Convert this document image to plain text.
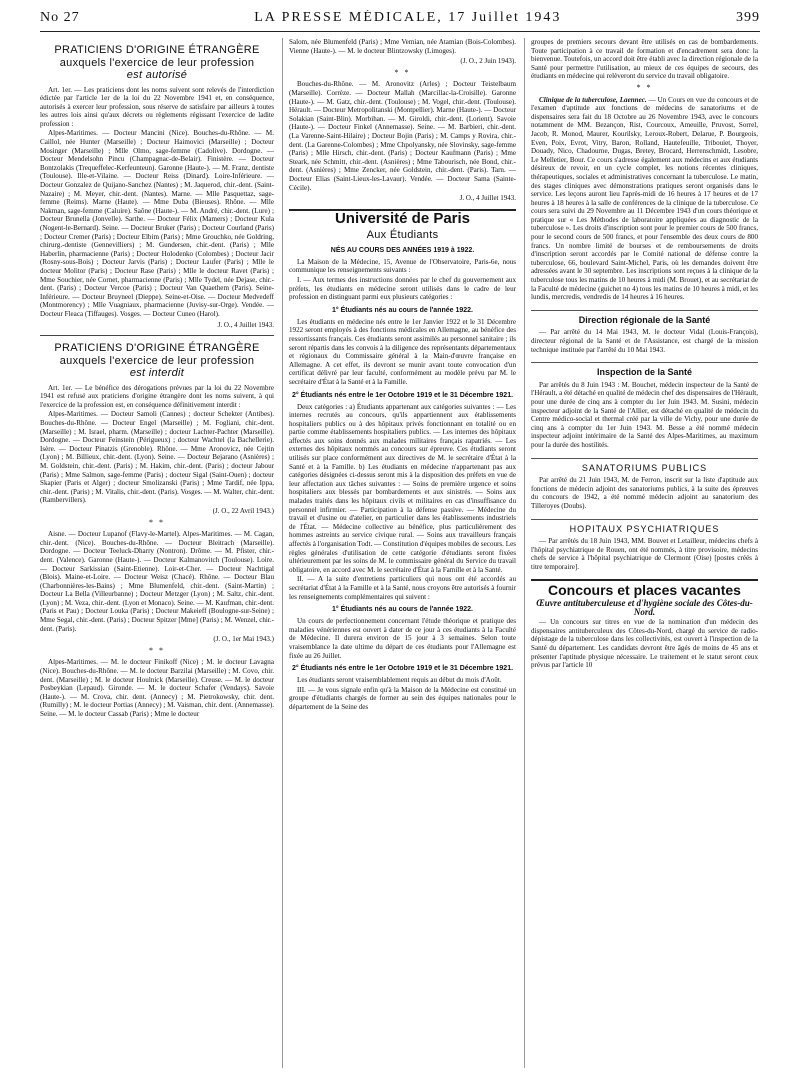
No 27	LA PRESSE MÉDICALE, 17 Juillet 1943	399
PRATICIENS D'ORIGINE ÉTRANGÈRE
auxquels l'exercice de leur profession
est autorisé

Art. 1er. — Les praticiens dont les noms suivent sont relevés de l'interdiction édictée par l'article 1er de la loi du 22 Novembre 1941 et, en conséquence, autorisés à exercer leur profession, sous réserve de satisfaire par ailleurs à toutes les autres lois ainsi qu'aux décrets ou règlements régissant l'exercice de ladite profession :

Alpes-Maritimes. — Docteur Mancini (Nice). Bouches-du-Rhône. — M. Caillol, née Hunter (Marseille) ; Docteur Haimovici (Marseille) ; Docteur Mosinger (Marseille) ; Mlle Olmo, sage-femme (Cadolive). Dordogne. — Docteur Mendelsohn Pincu (Champagnac-de-Belair). Finistère. — Docteur Bontzolakis (Trequeffelec-Kerfeunteun). Garonne (Haute-). — M. Franz, dentiste (Toulouse). Ille-et-Vilaine. — Docteur Reiss (Dinard). Loire-Inférieure. — Docteur Gonzalez de Quijano-Sanchez (Nantes) ; M. Jaquerod, chir.-dent. (Saint-Nazaire) ; M. Meyer, chir.-dent. (Nantes). Marne. — Mlle Pasquettaz, sage-femme (Reims). Marne (Haute). — Mme Duba (Bieuses). Rhône. — Mlle Nakman, sage-femme (Caluire). Saône (Haute-). — M. André, chir.-dent. (Lure) ; Docteur Brunella (Jonvelle). Sarthe. — Docteur Félix (Mamers) ; Docteur Kula (Nogent-le-Bernard). Seine. — Docteur Bruker (Paris) ; Docteur Courland (Paris) ; Docteur Cremer (Paris) ; Docteur Elbim (Paris) ; Mme Grouchko, née Goldring, chirurg.-dentiste (Gennevilliers) ; M. Gundersen, chir.-dent. (Paris) ; Mlle Haberlin, pharmacienne (Paris) ; Docteur Holodenko (Colombes) ; Docteur Jacir (Rosny-sous-Bois) ; Docteur Jarvis (Paris) ; Docteur Laufer (Paris) ; Mlle le docteur Molitor (Paris) ; Docteur Rase (Paris) ; Mlle le docteur Ravet (Paris) ; Mme Souchier, née Cornet, pharmacienne (Paris) ; Mlle Tydel, née Dejase, chir.-dent. (Paris) ; Docteur Vercoe (Paris) ; Docteur Van Quaethem (Paris). Seine-Inférieure. — Docteur Bruyneel (Dieppe). Seine-et-Oise. — Docteur Medvedeff (Montmorency) ; Mlle Vuagniaux, pharmacienne (Juvisy-sur-Orge). Vendée. — Docteur Fleaca (Tiffauges). Vosges. — Docteur Cuneo (Harol).

J. O., 4 Juillet 1943.
PRATICIENS D'ORIGINE ÉTRANGÈRE
auxquels l'exercice de leur profession
est interdit

Art. 1er. — Le bénéfice des dérogations prévues par la loi du 22 Novembre 1941 est refusé aux praticiens d'origine étrangère dont les noms suivent, à qui l'exercice de la profession est, en conséquence définitivement interdit :

Alpes-Maritimes. — Docteur Samoli (Cannes) ; docteur Schekter (Antibes). Bouches-du-Rhône. — Docteur Engel (Marseille) ; M. Fogliani, chir.-dent. (Marseille) ; M. Israel, pharm. (Marseille) ; docteur Lachter-Pachter (Marseille). Dordogne. — Docteur Feinstein (Périgueux) ; docteur Wachtel (la Bachellerie). Isère. — Docteur Pinatzis (Grenoble). Rhône. — Mme Aronovicz, née Cejtin (Lyon) ; M. Billieux, chir.-dent. (Lyon). Seine. — Docteur Bejarano (Asnières) ; M. Goldstein, chir.-dent. (Paris) ; M. Hakim, chir.-dent. (Paris) ; docteur Jabour (Paris) ; Mme Salmon, sage-femme (Paris) ; docteur Sigal (Saint-Ouen) ; docteur Skapier (Paris et Alger) ; docteur Smolizanski (Paris) ; Mme Tardif, née Ippa, chir.-dent. (Paris) ; M. Vitalis, chir.-dent. (Paris). Vosges. — M. Walter, chir.-dent. (Rambervillers).

(J. O., 22 Avril 1943.)
* *

Aisne. — Docteur Lupanof (Flavy-le-Martel). Alpes-Maritimes. — M. Cagan, chir.-dent. (Nice). Bouches-du-Rhône. — Docteur Bleitrach (Marseille). Dordogne. — Docteur Teeluck-Dharry (Nontron). Drôme. — M. Pfister, chir.-dent. (Valence). Garonne (Haute-). — Docteur Kalmanovitch (Toulouse). Loire. — Docteur Sarkissian (Saint-Etienne). Loir-et-Cher. — Docteur Nachtigal (Blois). Maine-et-Loire. — Docteur Weisz (Chacé). Rhône. — Docteur Blau (Charbonnières-les-Bains) ; Mme Blumenfeld, chir.-dent. (Saint-Martin) ; Docteur La Bella (Villeurbanne) ; Docteur Metzger (Lyon) ; M. Saltz, chir.-dent. (Lyon) ; M. Veza, chir.-dent. (Lyon et Monaco). Seine. — M. Kaufman, chir.-dent. (Paris et Pau) ; Docteur Louka (Paris) ; Docteur Makeieff (Boulogne-sur-Seine) ; Mme Segal, chir.-dent. (Paris) ; Docteur Spitzer [Mme] (Paris) ; M. Wenzel, chir.-dent. (Paris).

(J. O., 1er Mai 1943.)
* *

Alpes-Maritimes. — M. le docteur Finikoff (Nice) ; M. le docteur Lavagna (Nice). Bouches-du-Rhône. — M. le docteur Barzilai (Marseille) ; M. Covo, chir. dent. (Marseille) ; M. le docteur Houlnick (Marseille). Creuse. — M. le docteur Posbeykian (Lepaud). Gironde. — M. le docteur Schafer (Vendays). Savoie (Haute-). — M. Crova, chir. dent. (Annecy) ; M. Pietrokowsky, chir. dent. (Rumilly) ; M. le docteur Portias (Annecy) ; M. Vaisman, chir. dent. (Annemasse). Seine. — M. le docteur Cassab (Paris) ; Mme le docteur

Salom, née Blumenfeld (Paris) ; Mme Vemian, née Atamian (Bois-Colombes). Vienne (Haute-). — M. le docteur Blintzowsky (Limoges).

(J. O., 2 Juin 1943).
* *

Bouches-du-Rhône. — M. Aronovitz (Arles) ; Docteur Teistelbaum (Marseille). Corrèze. — Docteur Mallah (Marcillac-la-Croisille). Garonne (Haute-). — M. Gatz, chir.-dent. (Toulouse) ; M. Vogel, chir.-dent. (Toulouse). Hérault. — Docteur Metropolitanski (Montpellier). Marne (Haute-). — Docteur Solakian (Saint-Blin). Morbihan. — M. Giroldi, chir.-dent. (Lorient). Savoie (Haute-). — Docteur Finkel (Annemasse). Seine. — M. Barbieri, chir.-dent. (La Varenne-Saint-Hilaire) ; Docteur Bojin (Paris) ; M. Camps y Rovira, chir.-dent. (La Garenne-Colombes) ; Mme Chpolyansky, née Slovinsky, sage-femme (Paris) ; Mlle Hirsch, chir.-dent. (Paris) ; Docteur Kaufmann (Paris) ; Mme Steark, née Schmitt, chir.-dent. (Asnières) ; Mme Tabourisch, née Bond, chir.-dent. (Asnières) ; Mme Zencker, née Goldstein, chir.-dent. (Paris). Tarn. — Docteur Elias (Saint-Lieux-les-Lavaur). Vendée. — Docteur Sama (Sainte-Cécile).

J. O., 4 Juillet 1943.
Université de Paris
Aux Étudiants
NÉS AU COURS DES ANNÉES 1919 à 1922.

La Maison de la Médecine, 15, Avenue de l'Observatoire, Paris-6e, nous communique les renseignements suivants :

I. — Aux termes des instructions données par le chef du gouvernement aux préfets, les étudiants en médecine seront utilisés dans le cadre de leur profession en distinguant parmi eux plusieurs catégories :

1° Étudiants nés au cours de l'année 1922.

Les étudiants en médecine nés entre le 1er Janvier 1922 et le 31 Décembre 1922 seront employés à des fonctions médicales en Allemagne, au bénéfice des ressortissants français. Ces étudiants seront assimilés au personnel sanitaire ; ils seront répartis dans les convois à la diligence des représentants départementaux et régionaux du Commissaire général à la Main-d'œuvre française en Allemagne. A cet effet, ils devront se munir avant toute convocation d'un certificat délivré par leur faculté, conformément au modèle prévu par M. le secrétaire d'État à la Santé et à la Famille.

2° Étudiants nés entre le 1er Octobre 1919 et le 31 Décembre 1921.

Deux catégories : a) Étudiants appartenant aux catégories suivantes : — Les internes recrutés au concours, qu'ils appartiennent aux établissements hospitaliers publics ou à des hôpitaux privés fonctionnant en totalité ou en partie comme établissements hospitaliers publics. — Les internes des hôpitaux affectés aux soins donnés aux malades militaires français rapatriés. — Les externes des hôpitaux nommés au concours sur épreuve. Ces étudiants seront utilisés sur place conformément aux directives de M. le secrétaire d'État à la Santé et à la Famille. b) Les étudiants en médecine n'appartenant pas aux catégories désignées ci-dessus seront mis à la disposition des préfets en vue de leur affectation aux tâches suivantes : — Soins de première urgence et soins hospitaliers aux blessés par bombardements et aux sinistrés. — Soins aux malades traités dans les hôpitaux civils et militaires en cas d'insuffisance du personnel infirmier. — Participation à la défense passive. — Médecine du travail et d'usine ou d'atelier, en particulier dans les établissements industriels de l'État. — Médecine collective au bénéfice, plus particulièrement des hommes astreints au service civique rural. — Soins aux travailleurs français affectés à l'organisation Todt. — Constitution d'équipes mobiles de secours. Les règles générales d'utilisation de cette catégorie d'étudiants seront fixées ultérieurement par les soins de M. le commissaire général du Service du travail obligatoire, en accord avec M. le secrétaire d'État à la Famille et à la Santé.

II. — A la suite d'entretiens particuliers qui nous ont été accordés au secrétariat d'État à la Famille et à la Santé, nous croyons être autorisés à fournir les renseignements complémentaires qui suivent :

1° Étudiants nés au cours de l'année 1922.

Un cours de perfectionnement concernant l'étude théorique et pratique des maladies vénériennes est ouvert à dater de ce jour à ces étudiants à la Faculté de Médecine. Il durera environ de 15 jour à 3 semaines. Selon toute vraisemblance la date ultime du départ de ces étudiants pour l'Allemagne est fixée au 26 Juillet.

2° Étudiants nés entre le 1er Octobre 1919 et le 31 Décembre 1921.

Les étudiants seront vraisemblablement requis au début du mois d'Août.

III. — Je vous signale enfin qu'à la Maison de la Médecine est constitué un groupe d'étudiants chargés de former au sein des équipes nationales pour le département de la Seine des

groupes de premiers secours devant être utilisés en cas de bombardements. Toute participation à ce travail de formation et d'encadrement sera donc la bienvenue. Toutefois, un accord doit être établi avec la direction régionale de la Santé pour permettre l'utilisation, au mieux de ces équipes de secours, des étudiants en médecine qui relèveront du service du travail obligatoire.

* *

Clinique de la tuberculose, Laennec. — Un Cours en vue du concours et de l'examen d'aptitude aux fonctions de médecins de sanatoriums et de dispensaires sera fait du 18 Octobre au 26 Novembre 1943, avec le concours notamment de MM. Bezançon, Rist, Courcoux, Ameuille, Pruvost, Sorrel, Jacob, R. Monod, Maurer, Kourilsky, Leroux-Robert, Delarue, P. Bourgeois, Even, Poix, Evrot, Vitry, Baron, Rolland, Hautefeuille, Tribouiet, Thoyer, Douady, Nico, Chadourne, Dugas, Bretey, Brocard, Herrenschmidt, Lesobre, Le Melletier, Bour. Ce cours s'adresse également aux médecins et aux étudiants désireux de revoir, en un cycle complet, les notions récentes cliniques, thérapeutiques, sociales et administratives concernant la tuberculose. Le matin, des stages cliniques avec démonstrations pratiques seront organisés dans le service. Les leçons auront lieu l'après-midi de 16 heures à 17 heures et de 17 heures à 18 heures à la salle de conférences de la clinique de la tuberculose. Ce cours sera suivi du 29 Novembre au 11 Décembre 1943 d'un cours théorique et pratique sur « Les Méthodes de laboratoire appliquées au diagnostic de la tuberculose ». Les droits d'inscription sont pour le premier cours de 500 francs, pour le second cours de 500 francs, et pour l'ensemble des deux cours de 800 francs. Un nombre limité de bourses et de remboursements de droits d'inscription seront accordés par le Comité national de défense contre la tuberculose, 66, boulevard Saint-Michel, Paris, où les demandes doivent être adressées avant le 30 septembre. Les inscriptions sont reçues à la clinique de la tuberculose tous les matins de 10 heures à midi (M. Brouet), et au secrétariat de la Faculté de médecine (guichet no 4) tous les matins de 10 heures à midi, et les lundis, mercredis, vendredis de 14 heures à 16 heures.

Direction régionale de la Santé

— Par arrêté du 14 Mai 1943, M. le docteur Vidal (Louis-François), directeur régional de la Santé et de l'Assistance, est chargé de la mission technique instituée par l'arrêté du 10 Mai 1943.

Inspection de la Santé

Par arrêtés du 8 Juin 1943 : M. Bouchet, médecin inspecteur de la Santé de l'Hérault, a été détaché en qualité de médecin chef des dispensaires de l'Hérault, pour une durée de cinq ans à compter du 1er Juin 1943. M. Susini, médecin inspecteur adjoint de la Santé de l'Allier, est détaché en qualité de médecin du Centre médico-social et thermal créé par la ville de Vichy, pour une durée de cinq ans à compter du 1er Juin 1943. M. Besse a été nommé médecin inspecteur adjoint intérimaire de la Santé des Alpes-Maritimes, au maximum pour la durée des hostilités.

SANATORIUMS PUBLICS

Par arrêté du 21 Juin 1943, M. de Ferron, inscrit sur la liste d'aptitude aux fonctions de médecin adjoint des sanatoriums publics, à la suite des épreuves du concours de 1942, a été nommé médecin adjoint au sanatorium des Tilleroyes (Doubs).

HOPITAUX PSYCHIATRIQUES

— Par arrêtés du 18 Juin 1943, MM. Bouvet et Letailleur, médecins chefs à l'hôpital psychiatrique de Rouen, ont été nommés, à titre provisoire, médecins chefs de service à l'hôpital psychiatrique de Clermont (Oise) [postes créés à titre temporaire].

Concours et places vacantes
Œuvre antituberculeuse et d'hygiène sociale des Côtes-du-Nord.

— Un concours sur titres en vue de la nomination d'un médecin des dispensaires antituberculeux des Côtes-du-Nord, chargé du service de radio-dépistage de la tuberculose dans les collectivités, est ouvert à l'inspection de la Santé du département. Les candidats devront être âgés de moins de 45 ans et présenter l'aptitude physique nécessaire. Le traitement et le statut seront ceux prévus par l'article 10
